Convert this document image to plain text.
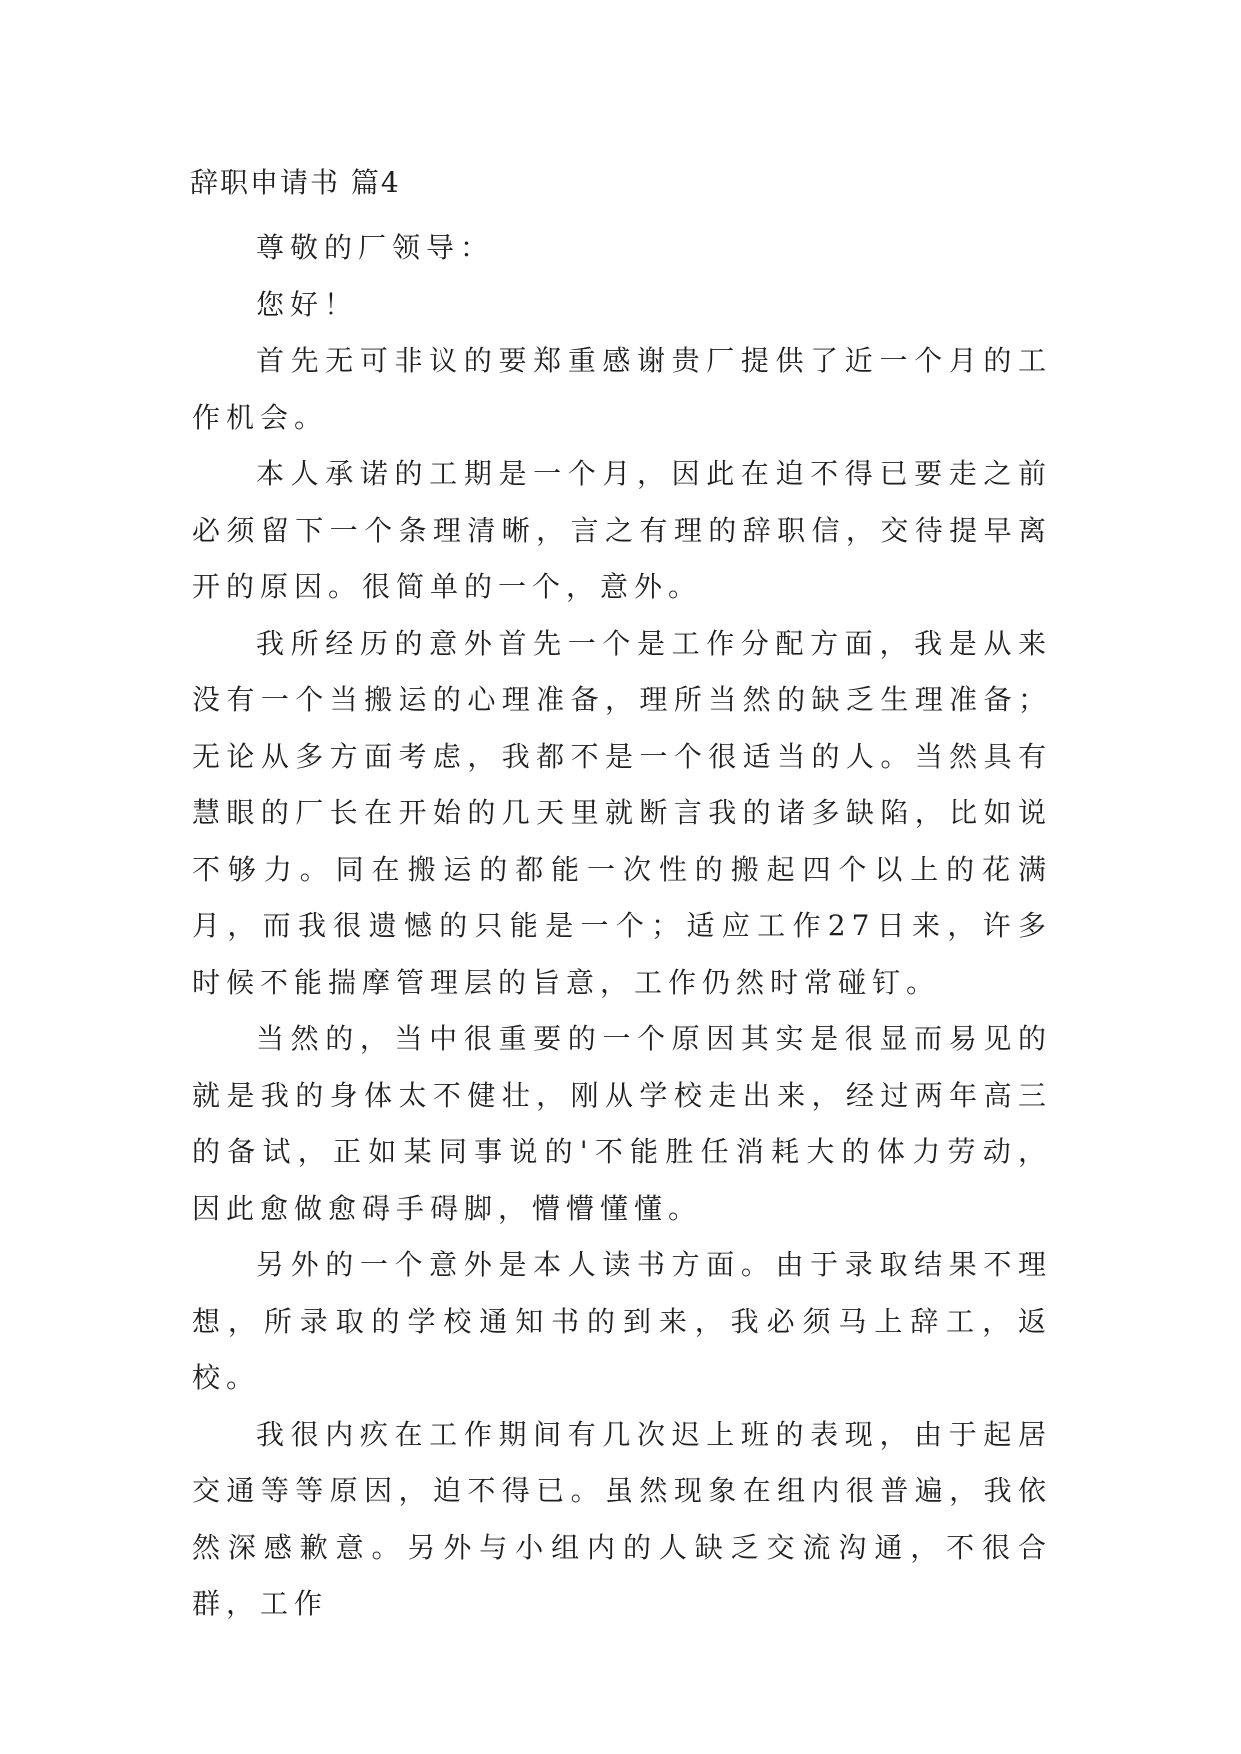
辞职申请书 篇4

尊敬的厂领导：

您好！

首先无可非议的要郑重感谢贵厂提供了近一个月的工作机会。

本人承诺的工期是一个月，因此在迫不得已要走之前必须留下一个条理清晰，言之有理的辞职信，交待提早离开的原因。很简单的一个，意外。

我所经历的意外首先一个是工作分配方面，我是从来没有一个当搬运的心理准备，理所当然的缺乏生理准备；无论从多方面考虑，我都不是一个很适当的人。当然具有慧眼的厂长在开始的几天里就断言我的诸多缺陷，比如说不够力。同在搬运的都能一次性的搬起四个以上的花满月，而我很遗憾的只能是一个；适应工作27日来，许多时候不能揣摩管理层的旨意，工作仍然时常碰钉。

当然的，当中很重要的一个原因其实是很显而易见的就是我的身体太不健壮，刚从学校走出来，经过两年高三的备试，正如某同事说的'不能胜任消耗大的体力劳动，因此愈做愈碍手碍脚，懵懵懂懂。

另外的一个意外是本人读书方面。由于录取结果不理想，所录取的学校通知书的到来，我必须马上辞工，返校。

我很内疚在工作期间有几次迟上班的表现，由于起居交通等等原因，迫不得已。虽然现象在组内很普遍，我依然深感歉意。另外与小组内的人缺乏交流沟通，不很合群，工作
